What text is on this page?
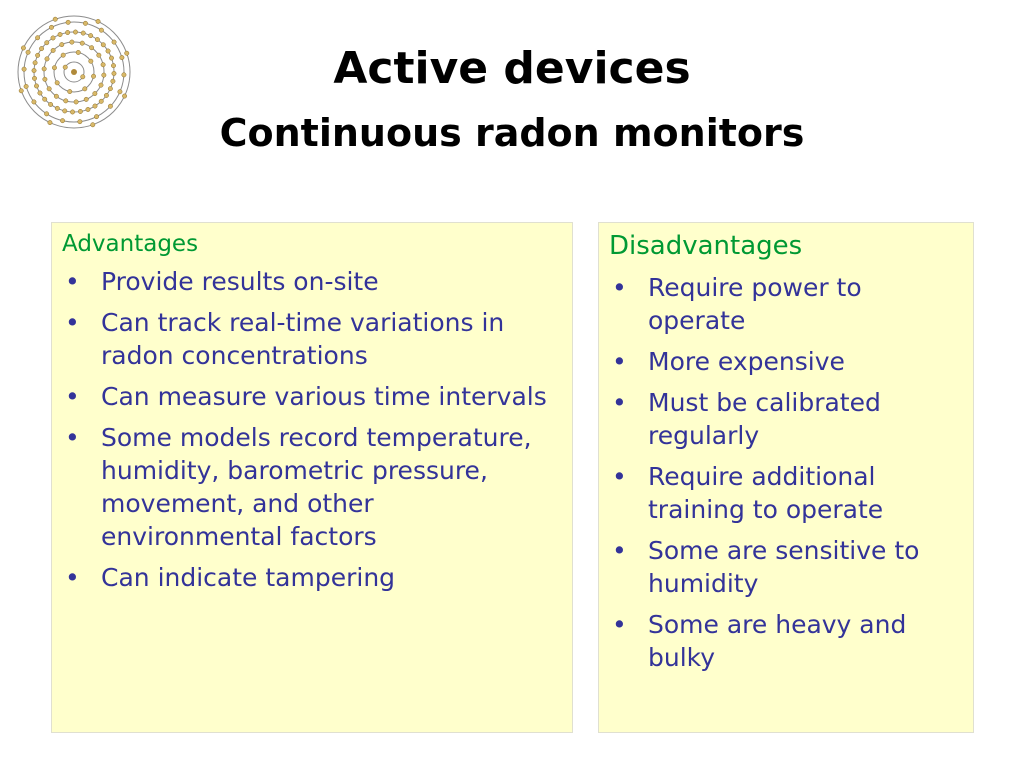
Active devices
Continuous radon monitors
Advantages
• Provide results on-site
• Can track real-time variations in radon concentrations
• Can measure various time intervals
• Some models record temperature, humidity, barometric pressure, movement, and other environmental factors
• Can indicate tampering
Disadvantages
• Require power to operate
• More expensive
• Must be calibrated regularly
• Require additional training to operate
• Some are sensitive to humidity
• Some are heavy and bulky
